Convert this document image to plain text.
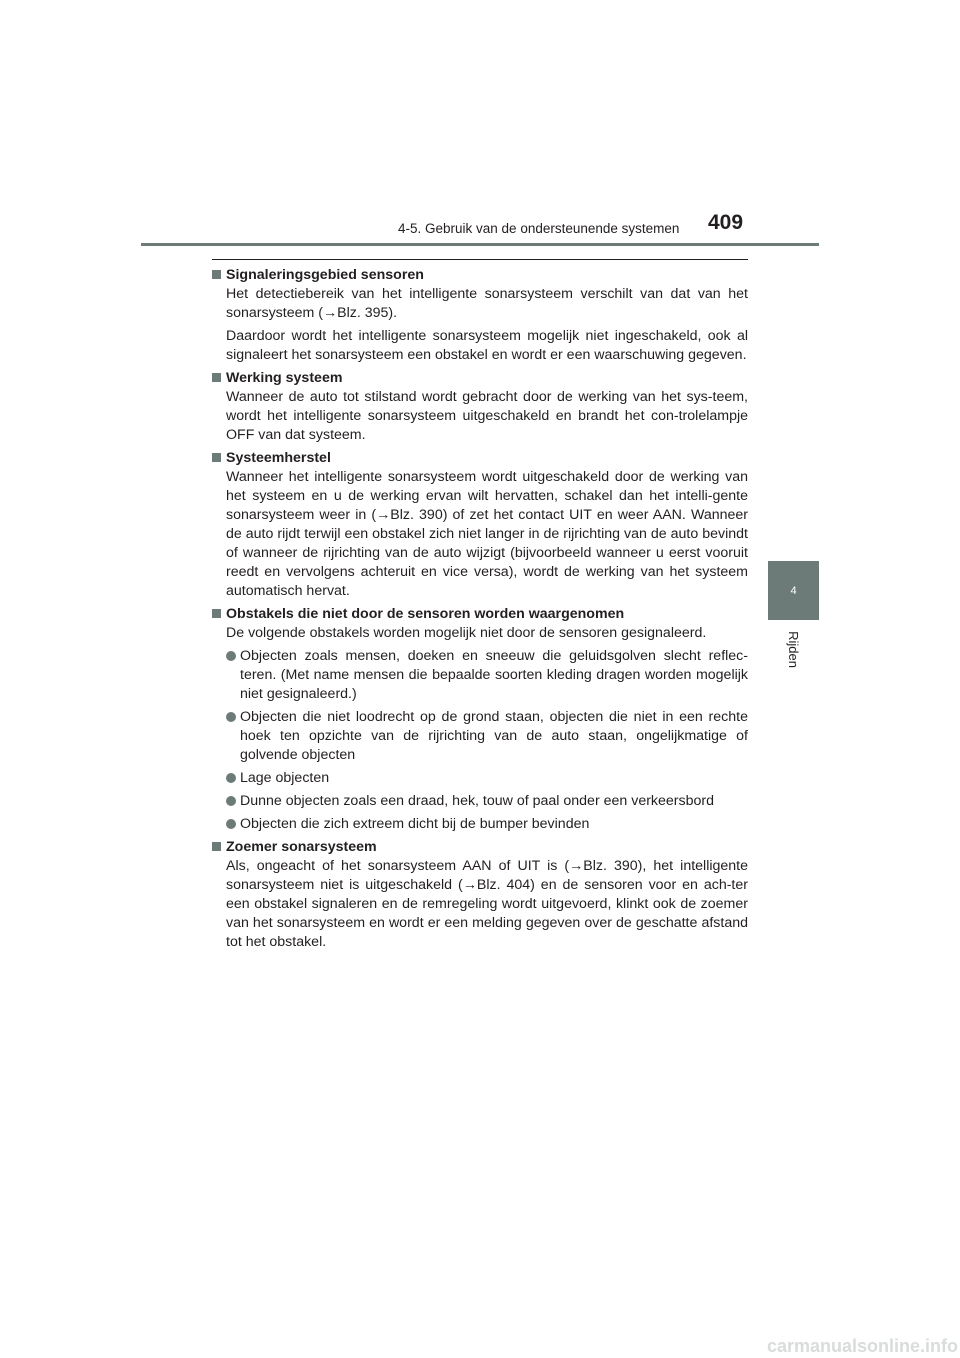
4-5. Gebruik van de ondersteunende systemen	409
4
Rijden
Signaleringsgebied sensoren

Het detectiebereik van het intelligente sonarsysteem verschilt van dat van het sonarsysteem (→Blz. 395).

Daardoor wordt het intelligente sonarsysteem mogelijk niet ingeschakeld, ook al signaleert het sonarsysteem een obstakel en wordt er een waarschuwing gegeven.

Werking systeem

Wanneer de auto tot stilstand wordt gebracht door de werking van het sys-teem, wordt het intelligente sonarsysteem uitgeschakeld en brandt het con-trolelampje OFF van dat systeem.

Systeemherstel

Wanneer het intelligente sonarsysteem wordt uitgeschakeld door de werking van het systeem en u de werking ervan wilt hervatten, schakel dan het intelli-gente sonarsysteem weer in (→Blz. 390) of zet het contact UIT en weer AAN. Wanneer de auto rijdt terwijl een obstakel zich niet langer in de rijrichting van de auto bevindt of wanneer de rijrichting van de auto wijzigt (bijvoorbeeld wanneer u eerst vooruit reedt en vervolgens achteruit en vice versa), wordt de werking van het systeem automatisch hervat.

Obstakels die niet door de sensoren worden waargenomen

De volgende obstakels worden mogelijk niet door de sensoren gesignaleerd.

Objecten zoals mensen, doeken en sneeuw die geluidsgolven slecht reflec-teren. (Met name mensen die bepaalde soorten kleding dragen worden mogelijk niet gesignaleerd.)
Objecten die niet loodrecht op de grond staan, objecten die niet in een rechte hoek ten opzichte van de rijrichting van de auto staan, ongelijkmatige of golvende objecten
Lage objecten
Dunne objecten zoals een draad, hek, touw of paal onder een verkeersbord
Objecten die zich extreem dicht bij de bumper bevinden
Zoemer sonarsysteem

Als, ongeacht of het sonarsysteem AAN of UIT is (→Blz. 390), het intelligente sonarsysteem niet is uitgeschakeld (→Blz. 404) en de sensoren voor en ach-ter een obstakel signaleren en de remregeling wordt uitgevoerd, klinkt ook de zoemer van het sonarsysteem en wordt er een melding gegeven over de geschatte afstand tot het obstakel.

carmanualsonline.info
